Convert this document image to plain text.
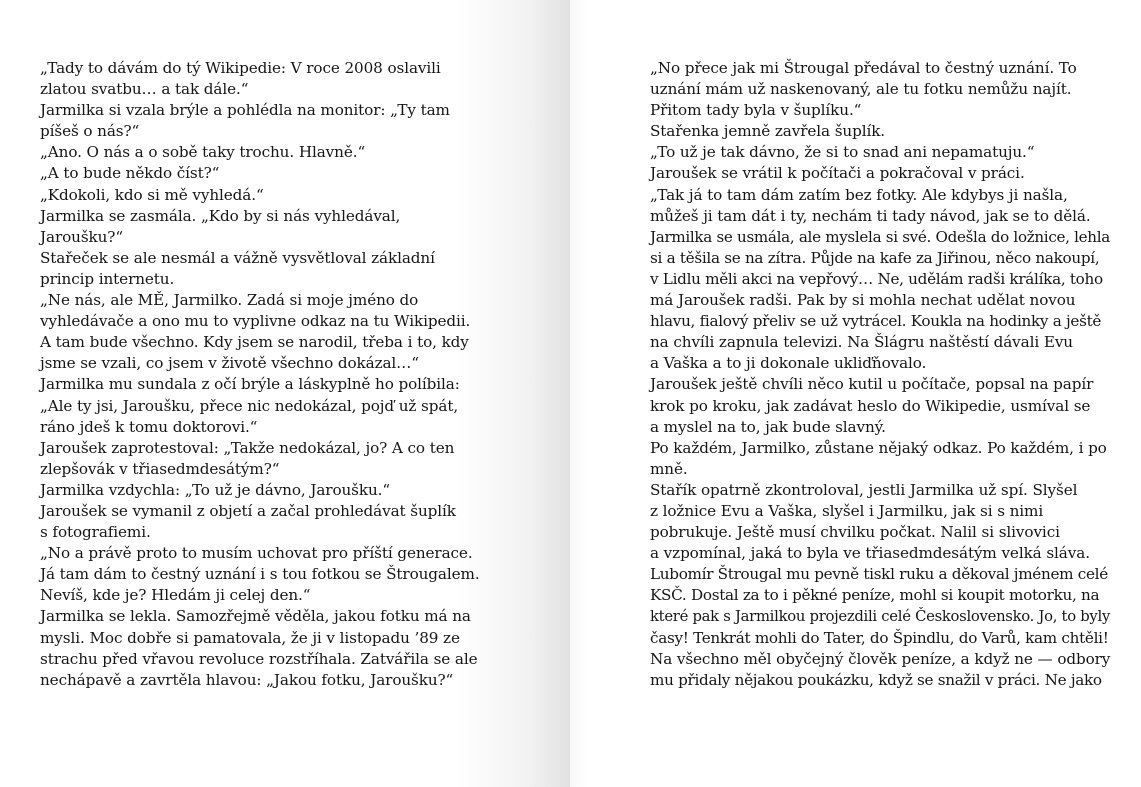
„Tady to dávám do tý Wikipedie: V roce 2008 oslavili
zlatou svatbu… a tak dále.“
Jarmilka si vzala brýle a pohlédla na monitor: „Ty tam
píšeš o nás?“
„Ano. O nás a o sobě taky trochu. Hlavně.“
„A to bude někdo číst?“
„Kdokoli, kdo si mě vyhledá.“
Jarmilka se zasmála. „Kdo by si nás vyhledával,
Jaroušku?“
Stařeček se ale nesmál a vážně vysvětloval základní
princip internetu.
„Ne nás, ale MĚ, Jarmilko. Zadá si moje jméno do
vyhledávače a ono mu to vyplivne odkaz na tu Wikipedii.
A tam bude všechno. Kdy jsem se narodil, třeba i to, kdy
jsme se vzali, co jsem v životě všechno dokázal…“
Jarmilka mu sundala z očí brýle a láskyplně ho políbila:
„Ale ty jsi, Jaroušku, přece nic nedokázal, pojď už spát,
ráno jdeš k tomu doktorovi.“
Jaroušek zaprotestoval: „Takže nedokázal, jo? A co ten
zlepšovák v třiasedmdesátým?“
Jarmilka vzdychla: „To už je dávno, Jaroušku.“
Jaroušek se vymanil z objetí a začal prohledávat šuplík
s fotografiemi.
„No a právě proto to musím uchovat pro příští generace.
Já tam dám to čestný uznání i s tou fotkou se Štrougalem.
Nevíš, kde je? Hledám ji celej den.“
Jarmilka se lekla. Samozřejmě věděla, jakou fotku má na
mysli. Moc dobře si pamatovala, že ji v listopadu ’89 ze
strachu před vřavou revoluce rozstříhala. Zatvářila se ale
nechápavě a zavrtěla hlavou: „Jakou fotku, Jaroušku?“
„No přece jak mi Štrougal předával to čestný uznání. To
uznání mám už naskenovaný, ale tu fotku nemůžu najít.
Přitom tady byla v šuplíku.“
Stařenka jemně zavřela šuplík.
„To už je tak dávno, že si to snad ani nepamatuju.“
Jaroušek se vrátil k počítači a pokračoval v práci.
„Tak já to tam dám zatím bez fotky. Ale kdybys ji našla,
můžeš ji tam dát i ty, nechám ti tady návod, jak se to dělá.
Jarmilka se usmála, ale myslela si své. Odešla do ložnice, lehla
si a těšila se na zítra. Půjde na kafe za Jiřinou, něco nakoupí,
v Lidlu měli akci na vepřový… Ne, udělám radši králíka, toho
má Jaroušek radši. Pak by si mohla nechat udělat novou
hlavu, fialový přeliv se už vytrácel. Koukla na hodinky a ještě
na chvíli zapnula televizi. Na Šlágru naštěstí dávali Evu
a Vaška a to ji dokonale ukliďňovalo.
Jaroušek ještě chvíli něco kutil u počítače, popsal na papír
krok po kroku, jak zadávat heslo do Wikipedie, usmíval se
a myslel na to, jak bude slavný.
Po každém, Jarmilko, zůstane nějaký odkaz. Po každém, i po
mně.
Stařík opatrně zkontroloval, jestli Jarmilka už spí. Slyšel
z ložnice Evu a Vaška, slyšel i Jarmilku, jak si s nimi
pobrukuje. Ještě musí chvilku počkat. Nalil si slivovici
a vzpomínal, jaká to byla ve třiasedmdesátým velká sláva.
Lubomír Štrougal mu pevně tiskl ruku a děkoval jménem celé
KSČ. Dostal za to i pěkné peníze, mohl si koupit motorku, na
které pak s Jarmilkou projezdili celé Československo. Jo, to byly
časy! Tenkrát mohli do Tater, do Špindlu, do Varů, kam chtěli!
Na všechno měl obyčejný člověk peníze, a když ne — odbory
mu přidaly nějakou poukázku, když se snažil v práci. Ne jako
